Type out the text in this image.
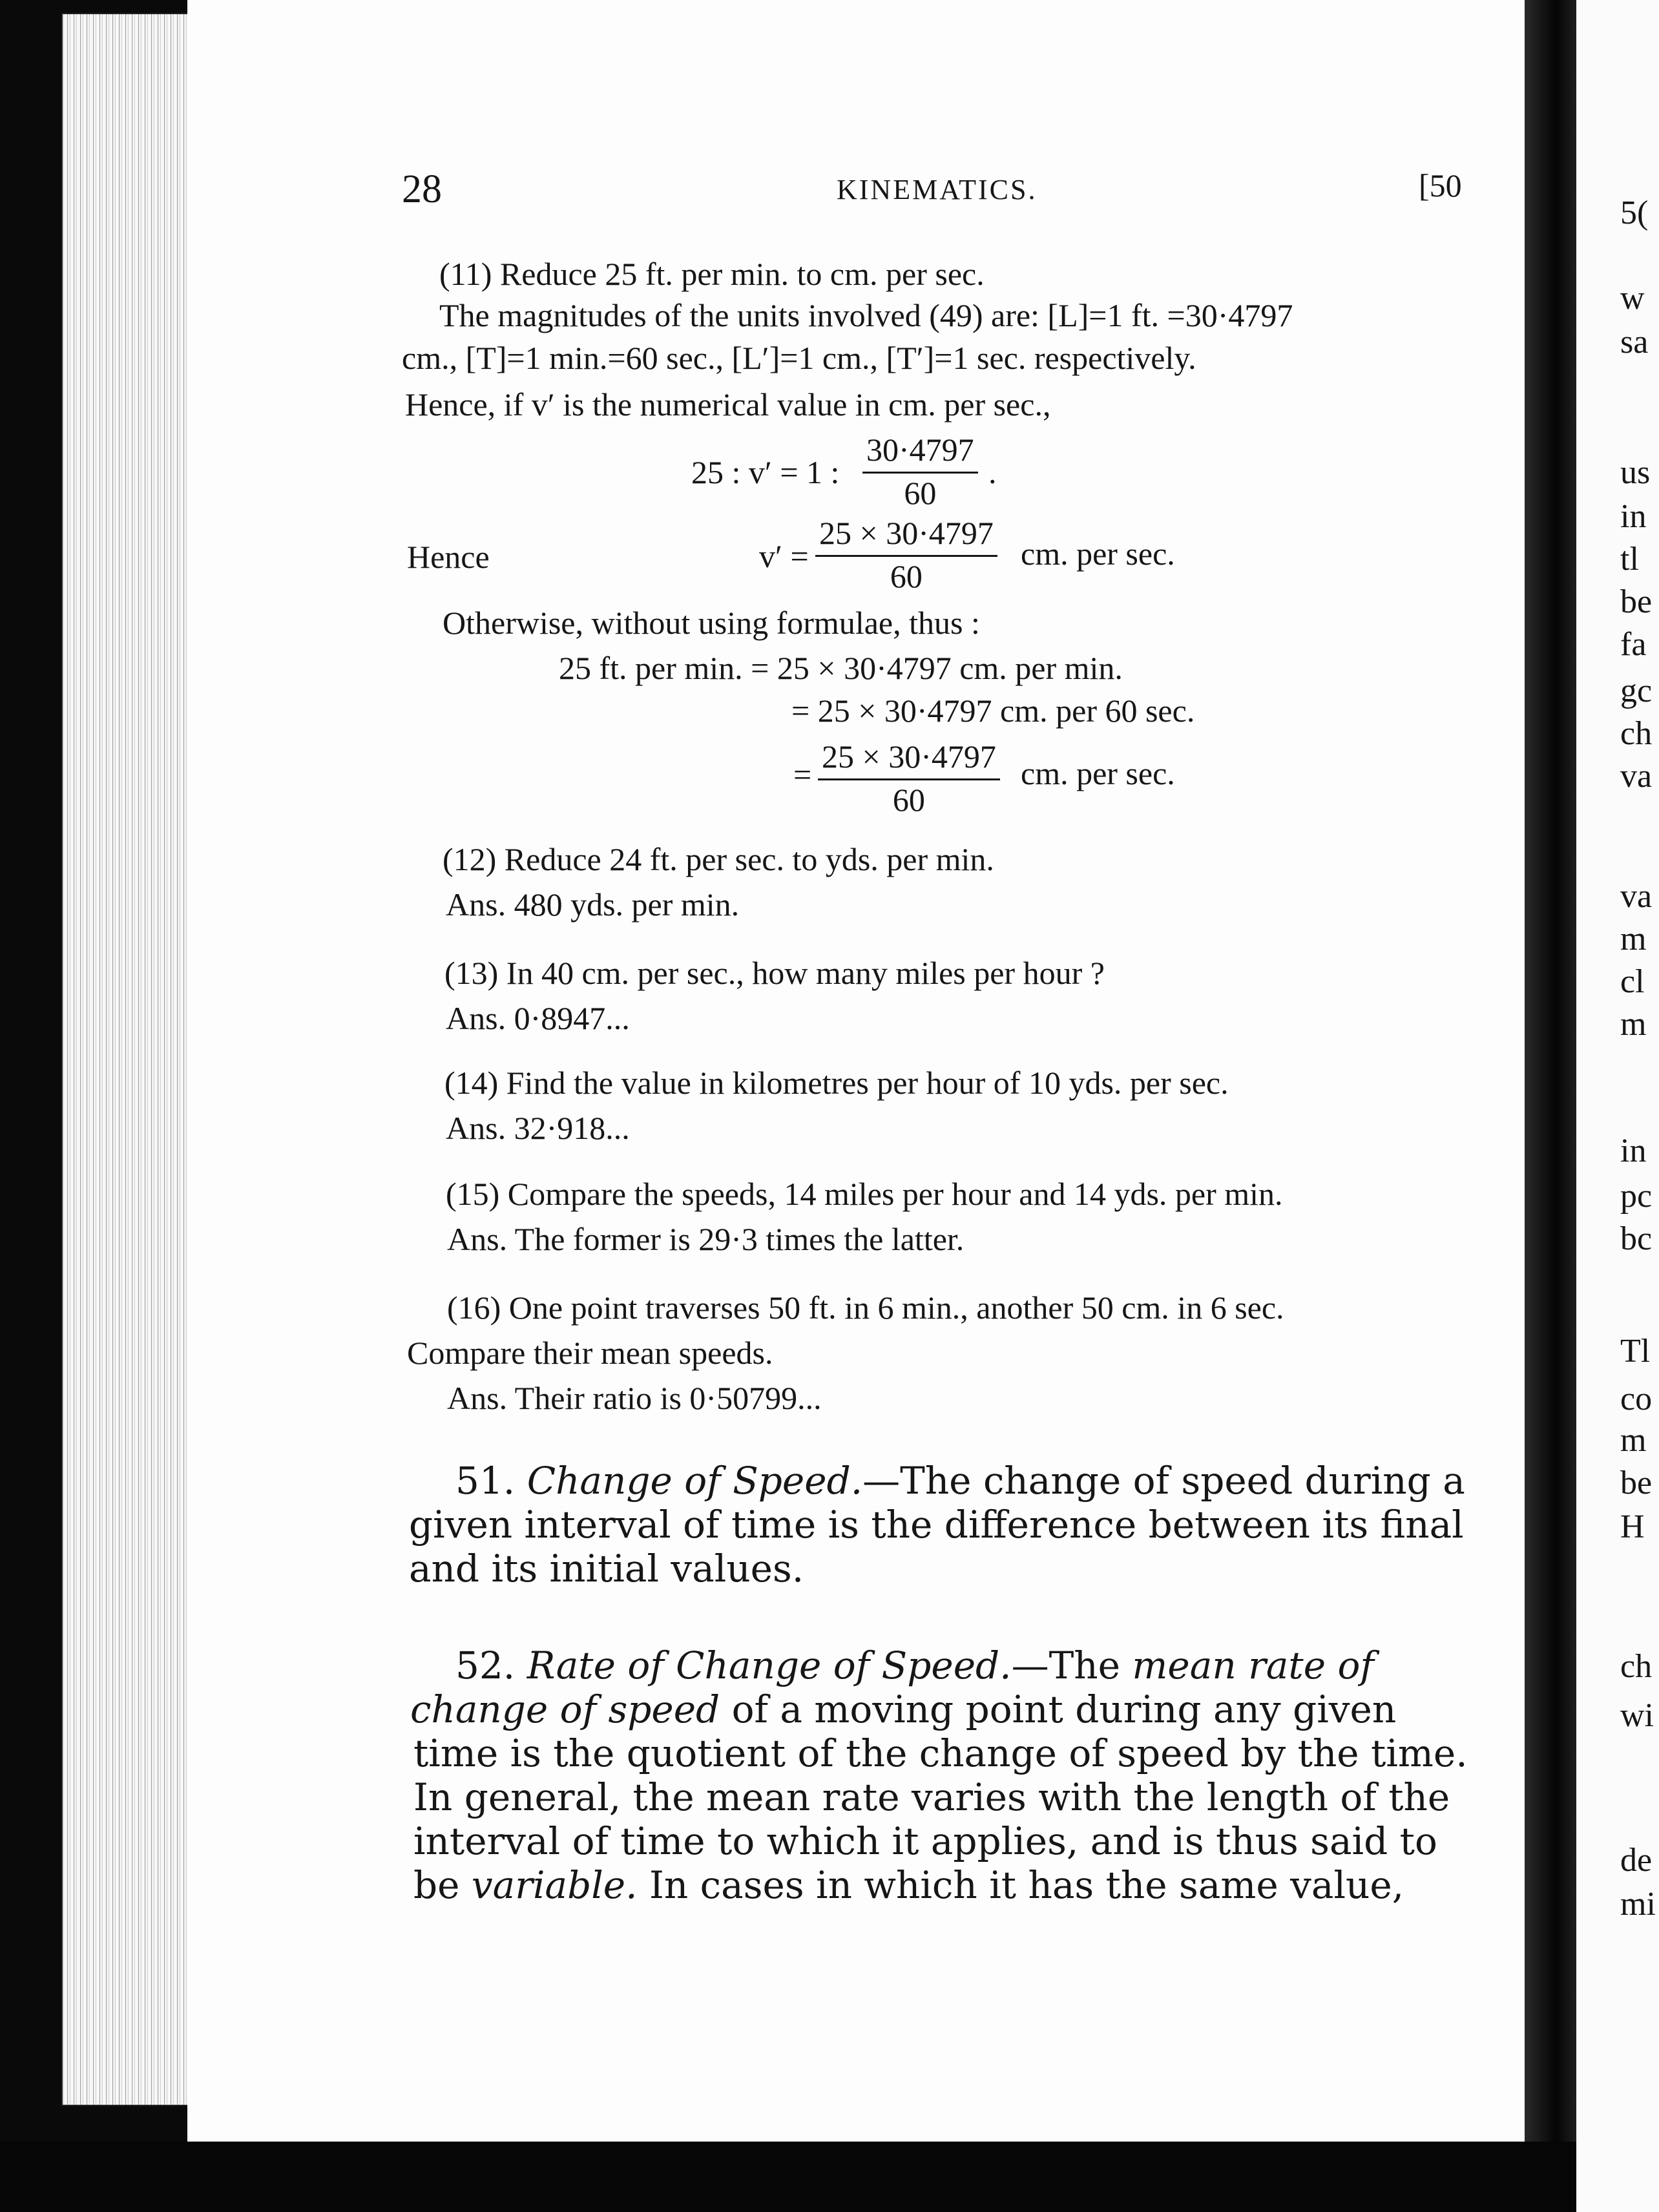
28	KINEMATICS.	[50
(11) Reduce 25 ft. per min. to cm. per sec.
The magnitudes of the units involved (49) are: [L]=1 ft. =30·4797
cm., [T]=1 min.=60 sec., [L′]=1 cm., [T′]=1 sec. respectively.
Hence, if v′ is the numerical value in cm. per sec.,
25 : v′ = 1 : $\frac{30\cdot 4797}{60}$ .
Hence	$v' = \frac{25 \times 30\cdot 4797}{60}$ cm. per sec.
Otherwise, without using formulae, thus :
25 ft. per min. = 25 × 30·4797 cm. per min.
= 25 × 30·4797 cm. per 60 sec.
= $\frac{25 \times 30\cdot 4797}{60}$ cm. per sec.
(12) Reduce 24 ft. per sec. to yds. per min.
Ans. 480 yds. per min.
(13) In 40 cm. per sec., how many miles per hour ?
Ans. 0·8947...
(14) Find the value in kilometres per hour of 10 yds. per sec.
Ans. 32·918...
(15) Compare the speeds, 14 miles per hour and 14 yds. per min.
Ans. The former is 29·3 times the latter.
(16) One point traverses 50 ft. in 6 min., another 50 cm. in 6 sec.
Compare their mean speeds.
Ans. Their ratio is 0·50799...
51. Change of Speed.—The change of speed during a
given interval of time is the difference between its final
and its initial values.
52. Rate of Change of Speed.—The mean rate of
change of speed of a moving point during any given
time is the quotient of the change of speed by the time.
In general, the mean rate varies with the length of the
interval of time to which it applies, and is thus said to
be variable. In cases in which it has the same value,
5(
w
sa
us
in
tl
be
fa
gc
ch
va
va
m
cl
m
in
pc
bc
Tl
co
m
be
H
ch
wi
de
mi
